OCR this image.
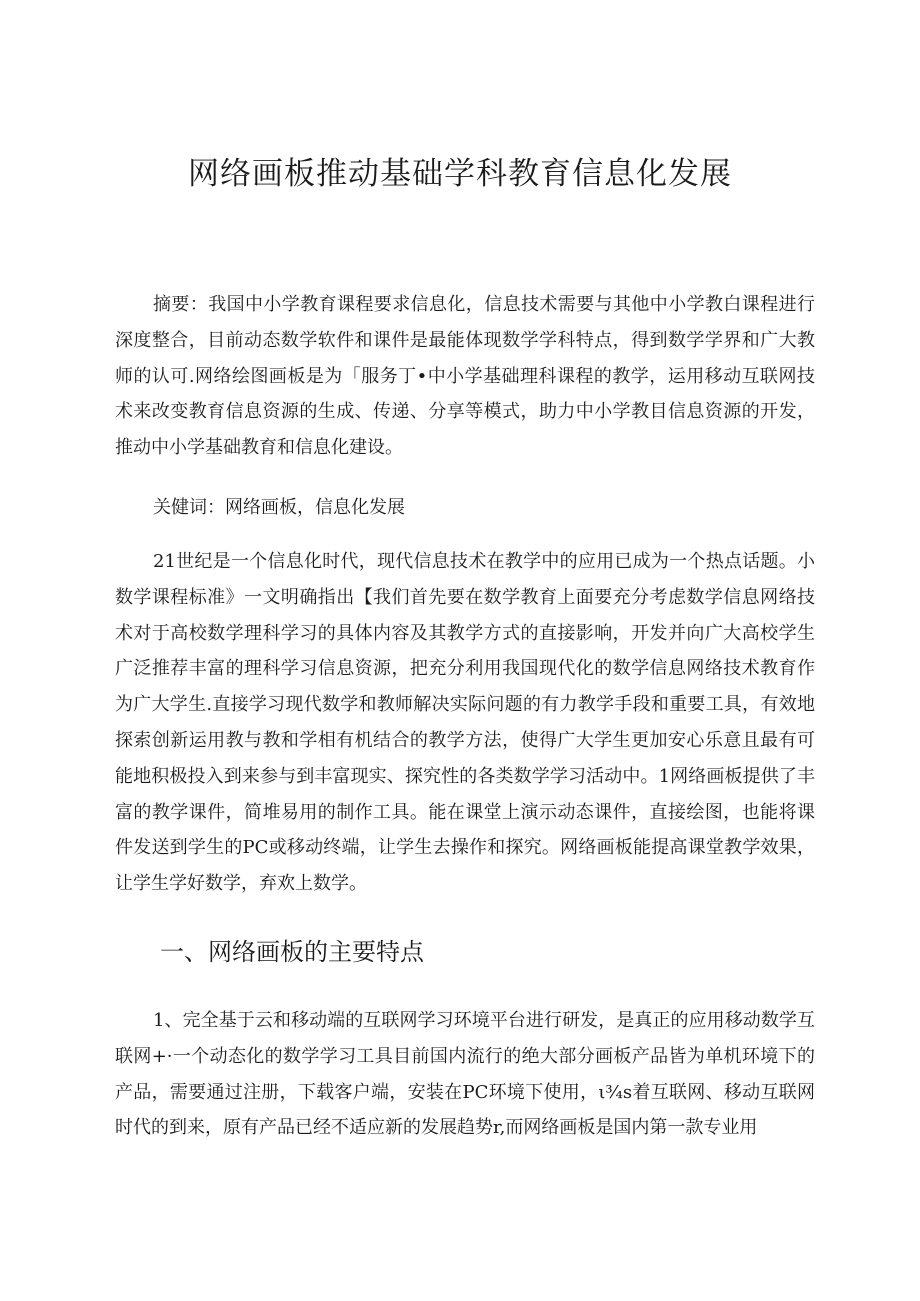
网络画板推动基础学科教育信息化发展

摘要：我国中小学教育课程要求信息化，信息技术需要与其他中小学教白课程进行深度整合，目前动态数学软件和课件是最能体现数学学科特点，得到数学学界和广大教师的认可.网络绘图画板是为「服务丁•中小学基础理科课程的教学，运用移动互联网技术来改变教育信息资源的生成、传递、分享等模式，助力中小学教目信息资源的开发，推动中小学基础教育和信息化建设。

关健词：网络画板，信息化发展

21世纪是一个信息化时代，现代信息技术在教学中的应用已成为一个热点话题。小数学课程标准》一文明确指出【我们首先要在数学教育上面要充分考虑数学信息网络技术对于高校数学理科学习的具体内容及其教学方式的直接影响，开发并向广大高校学生广泛推荐丰富的理科学习信息资源，把充分利用我国现代化的数学信息网络技术教育作为广大学生.直接学习现代数学和教师解决实际问题的有力教学手段和重要工具，有效地探索创新运用教与教和学相有机结合的教学方法，使得广大学生更加安心乐意且最有可能地积极投入到来参与到丰富现实、探究性的各类数学学习活动中。1网络画板提供了丰富的教学课件，简堆易用的制作工具。能在课堂上演示动态课件，直接绘图，也能将课件发送到学生的PC或移动终端，让学生去操作和探究。网络画板能提高课堂教学效果，让学生学好数学，弃欢上数学。

一、网络画板的主要特点

1、完全基于云和移动端的互联网学习环境平台进行研发，是真正的应用移动数学互联网+·一个动态化的数学学习工具目前国内流行的绝大部分画板产品皆为单机环境下的产品，需要通过注册，下载客户端，安装在PC环境下使用，ι¾s着互联网、移动互联网时代的到来，原有产品已经不适应新的发展趋势r,而网络画板是国内第一款专业用
